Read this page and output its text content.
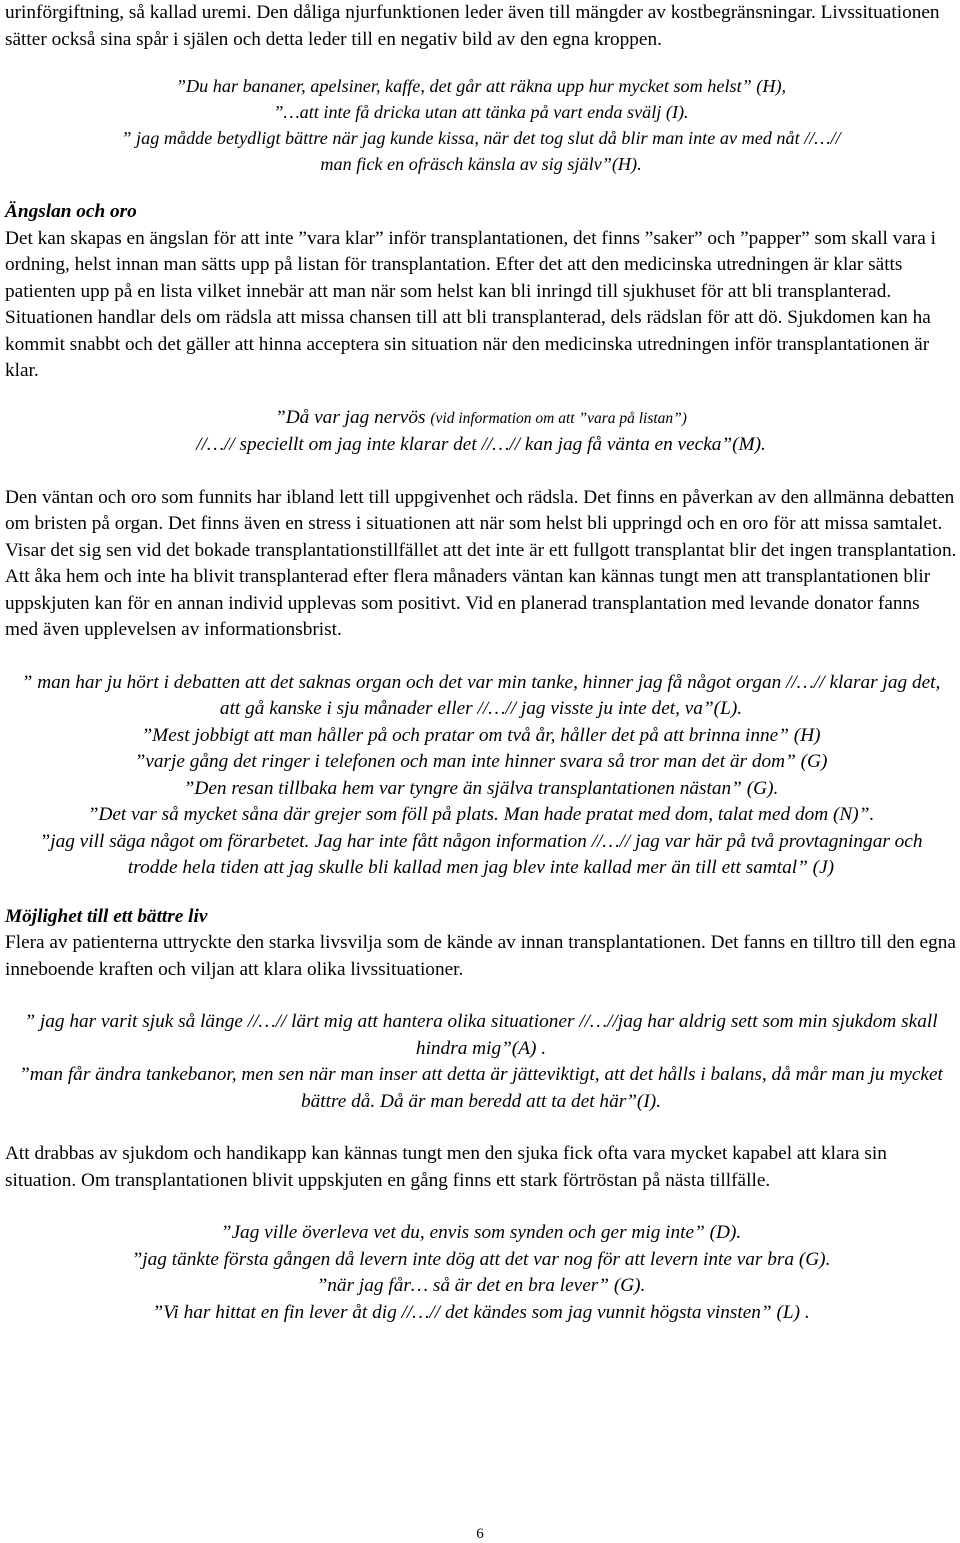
urinförgiftning, så kallad uremi. Den dåliga njurfunktionen leder även till mängder av kostbegränsningar. Livssituationen sätter också sina spår i själen och detta leder till en negativ bild av den egna kroppen.

”Du har bananer, apelsiner, kaffe, det går att räkna upp hur mycket som helst” (H),

”…att inte få dricka utan att tänka på vart enda svälj (I).

” jag mådde betydligt bättre när jag kunde kissa, när det tog slut då blir man inte av med nåt //…// man fick en ofräsch känsla av sig själv”(H).

Ängslan och oro

Det kan skapas en ängslan för att inte ”vara klar” inför transplantationen, det finns ”saker” och ”papper” som skall vara i ordning, helst innan man sätts upp på listan för transplantation. Efter det att den medicinska utredningen är klar sätts patienten upp på en lista vilket innebär att man när som helst kan bli inringd till sjukhuset för att bli transplanterad. Situationen handlar dels om rädsla att missa chansen till att bli transplanterad, dels rädslan för att dö. Sjukdomen kan ha kommit snabbt och det gäller att hinna acceptera sin situation när den medicinska utredningen inför transplantationen är klar.

”Då var jag nervös (vid information om att ”vara på listan”)

//…// speciellt om jag inte klarar det //…// kan jag få vänta en vecka”(M).

Den väntan och oro som funnits har ibland lett till uppgivenhet och rädsla. Det finns en påverkan av den allmänna debatten om bristen på organ. Det finns även en stress i situationen att när som helst bli uppringd och en oro för att missa samtalet. Visar det sig sen vid det bokade transplantationstillfället att det inte är ett fullgott transplantat blir det ingen transplantation. Att åka hem och inte ha blivit transplanterad efter flera månaders väntan kan kännas tungt men att transplantationen blir uppskjuten kan för en annan individ upplevas som positivt. Vid en planerad transplantation med levande donator fanns med även upplevelsen av informationsbrist.

” man har ju hört i debatten att det saknas organ och det var min tanke, hinner jag få något organ //…// klarar jag det, att gå kanske i sju månader eller //…// jag visste ju inte det, va”(L).

”Mest jobbigt att man håller på och pratar om två år, håller det på att brinna inne” (H)

”varje gång det ringer i telefonen och man inte hinner svara så tror man det är dom” (G)

”Den resan tillbaka hem var tyngre än själva transplantationen nästan” (G).

”Det var så mycket såna där grejer som föll på plats. Man hade pratat med dom, talat med dom (N)”.

”jag vill säga något om förarbetet. Jag har inte fått någon information //…// jag var här på två provtagningar och trodde hela tiden att jag skulle bli kallad men jag blev inte kallad mer än till ett samtal” (J)

Möjlighet till ett bättre liv

Flera av patienterna uttryckte den starka livsvilja som de kände av innan transplantationen. Det fanns en tilltro till den egna inneboende kraften och viljan att klara olika livssituationer.

” jag har varit sjuk så länge //…// lärt mig att hantera olika situationer //…//jag har aldrig sett som min sjukdom skall hindra mig”(A) .

”man får ändra tankebanor, men sen när man inser att detta är jätteviktigt, att det hålls i balans, då mår man ju mycket bättre då. Då är man beredd att ta det här”(I).

Att drabbas av sjukdom och handikapp kan kännas tungt men den sjuka fick ofta vara mycket kapabel att klara sin situation. Om transplantationen blivit uppskjuten en gång finns ett stark förtröstan på nästa tillfälle.

”Jag ville överleva vet du, envis som synden och ger mig inte” (D).

”jag tänkte första gången då levern inte dög att det var nog för att levern inte var bra (G).

”när jag får… så är det en bra lever” (G).

”Vi har hittat en fin lever åt dig //…// det kändes som jag vunnit högsta vinsten” (L) .

6
